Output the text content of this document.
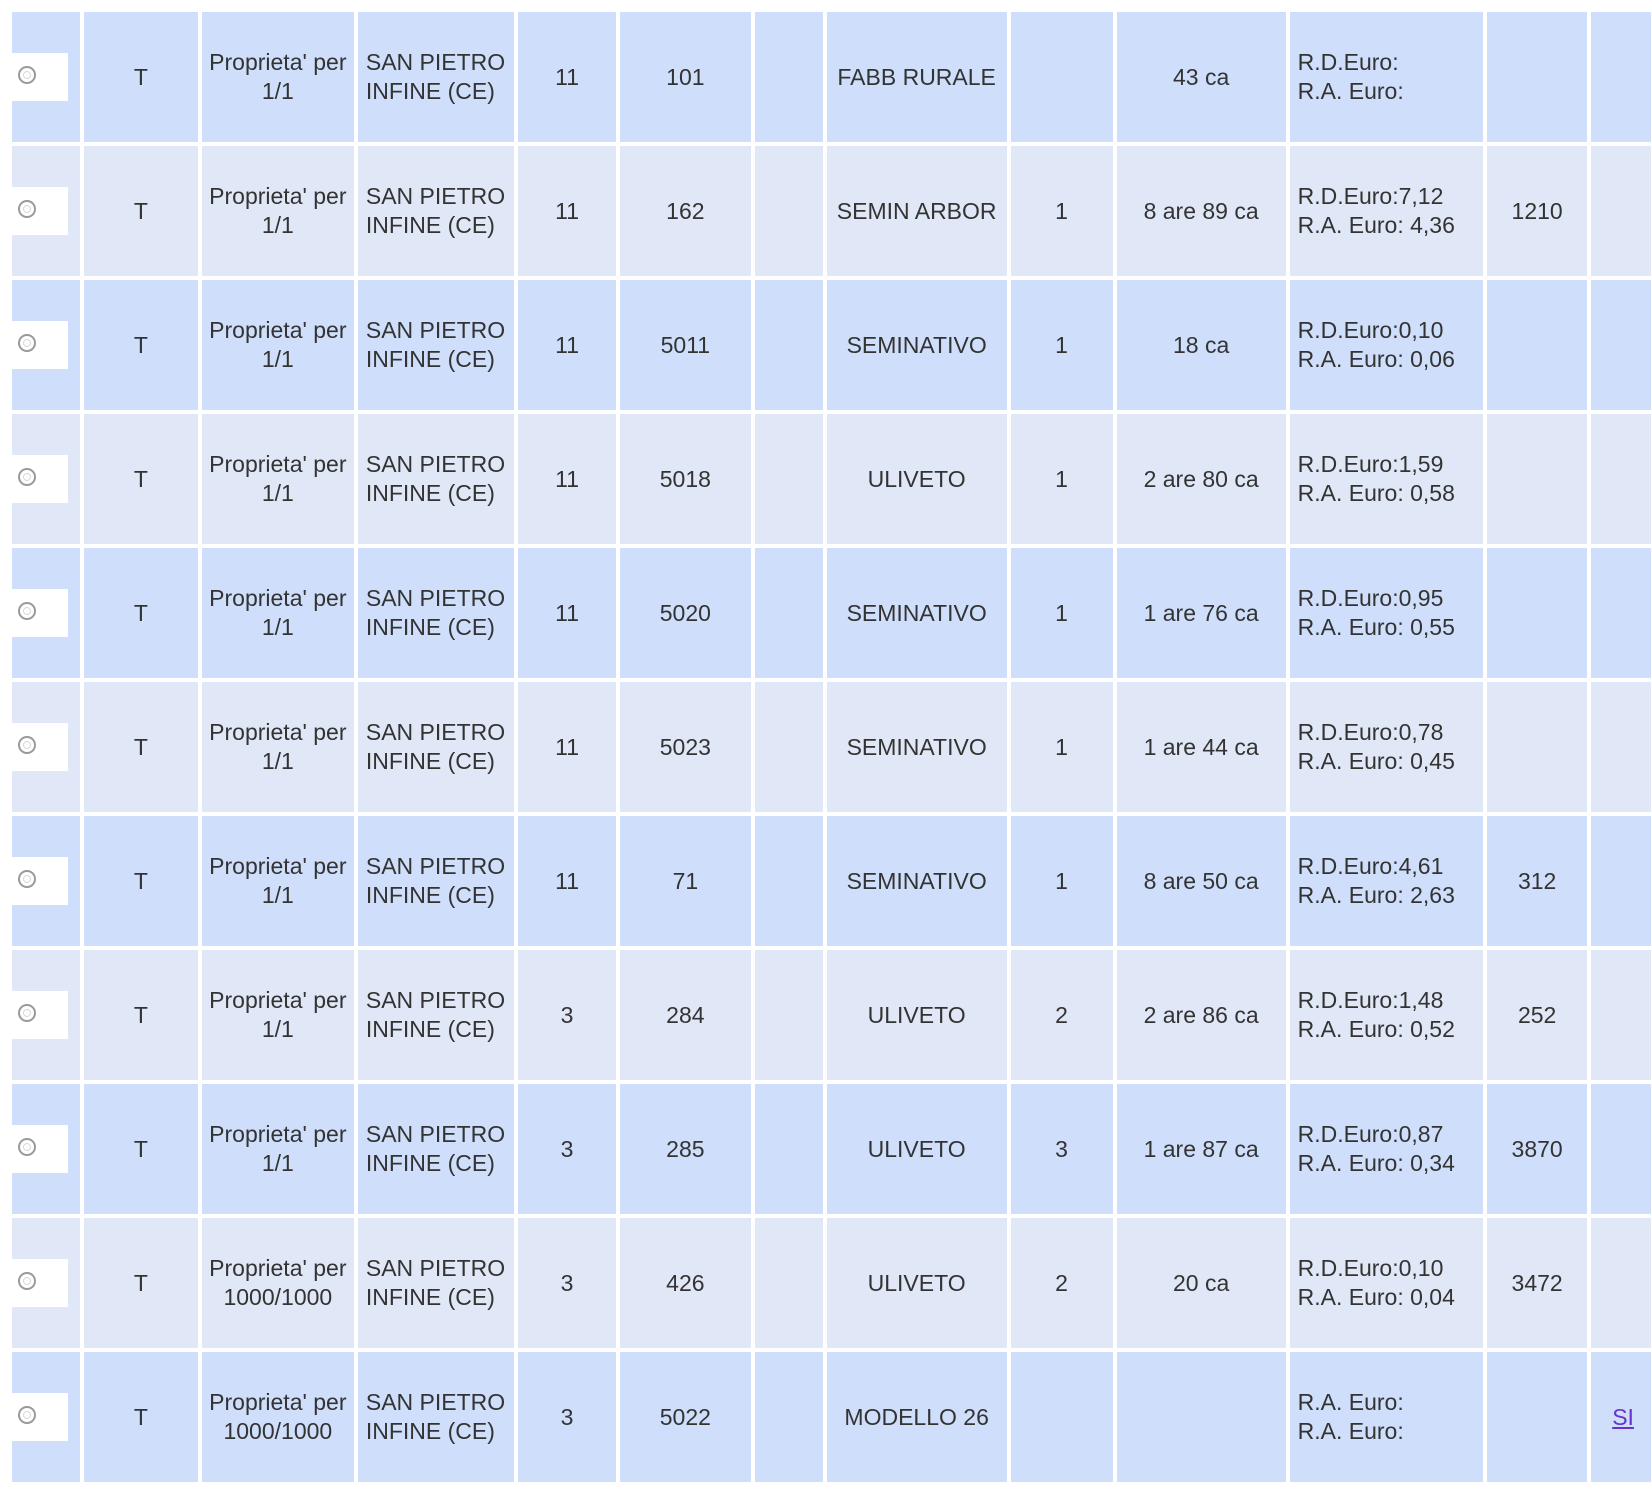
	T	Proprieta' per 1/1	SAN PIETRO INFINE (CE)	11	101		FABB RURALE		43 ca	R.D.Euro:
R.A. Euro:		

	T	Proprieta' per 1/1	SAN PIETRO INFINE (CE)	11	162		SEMIN ARBOR	1	8 are 89 ca	R.D.Euro:7,12
R.A. Euro: 4,36	1210	

	T	Proprieta' per 1/1	SAN PIETRO INFINE (CE)	11	5011		SEMINATIVO	1	18 ca	R.D.Euro:0,10
R.A. Euro: 0,06		

	T	Proprieta' per 1/1	SAN PIETRO INFINE (CE)	11	5018		ULIVETO	1	2 are 80 ca	R.D.Euro:1,59
R.A. Euro: 0,58		

	T	Proprieta' per 1/1	SAN PIETRO INFINE (CE)	11	5020		SEMINATIVO	1	1 are 76 ca	R.D.Euro:0,95
R.A. Euro: 0,55		

	T	Proprieta' per 1/1	SAN PIETRO INFINE (CE)	11	5023		SEMINATIVO	1	1 are 44 ca	R.D.Euro:0,78
R.A. Euro: 0,45		

	T	Proprieta' per 1/1	SAN PIETRO INFINE (CE)	11	71		SEMINATIVO	1	8 are 50 ca	R.D.Euro:4,61
R.A. Euro: 2,63	312	

	T	Proprieta' per 1/1	SAN PIETRO INFINE (CE)	3	284		ULIVETO	2	2 are 86 ca	R.D.Euro:1,48
R.A. Euro: 0,52	252	

	T	Proprieta' per 1/1	SAN PIETRO INFINE (CE)	3	285		ULIVETO	3	1 are 87 ca	R.D.Euro:0,87
R.A. Euro: 0,34	3870	

	T	Proprieta' per 1000/1000	SAN PIETRO INFINE (CE)	3	426		ULIVETO	2	20 ca	R.D.Euro:0,10
R.A. Euro: 0,04	3472	

	T	Proprieta' per 1000/1000	SAN PIETRO INFINE (CE)	3	5022		MODELLO 26			R.A. Euro:
R.A. Euro:		SI
